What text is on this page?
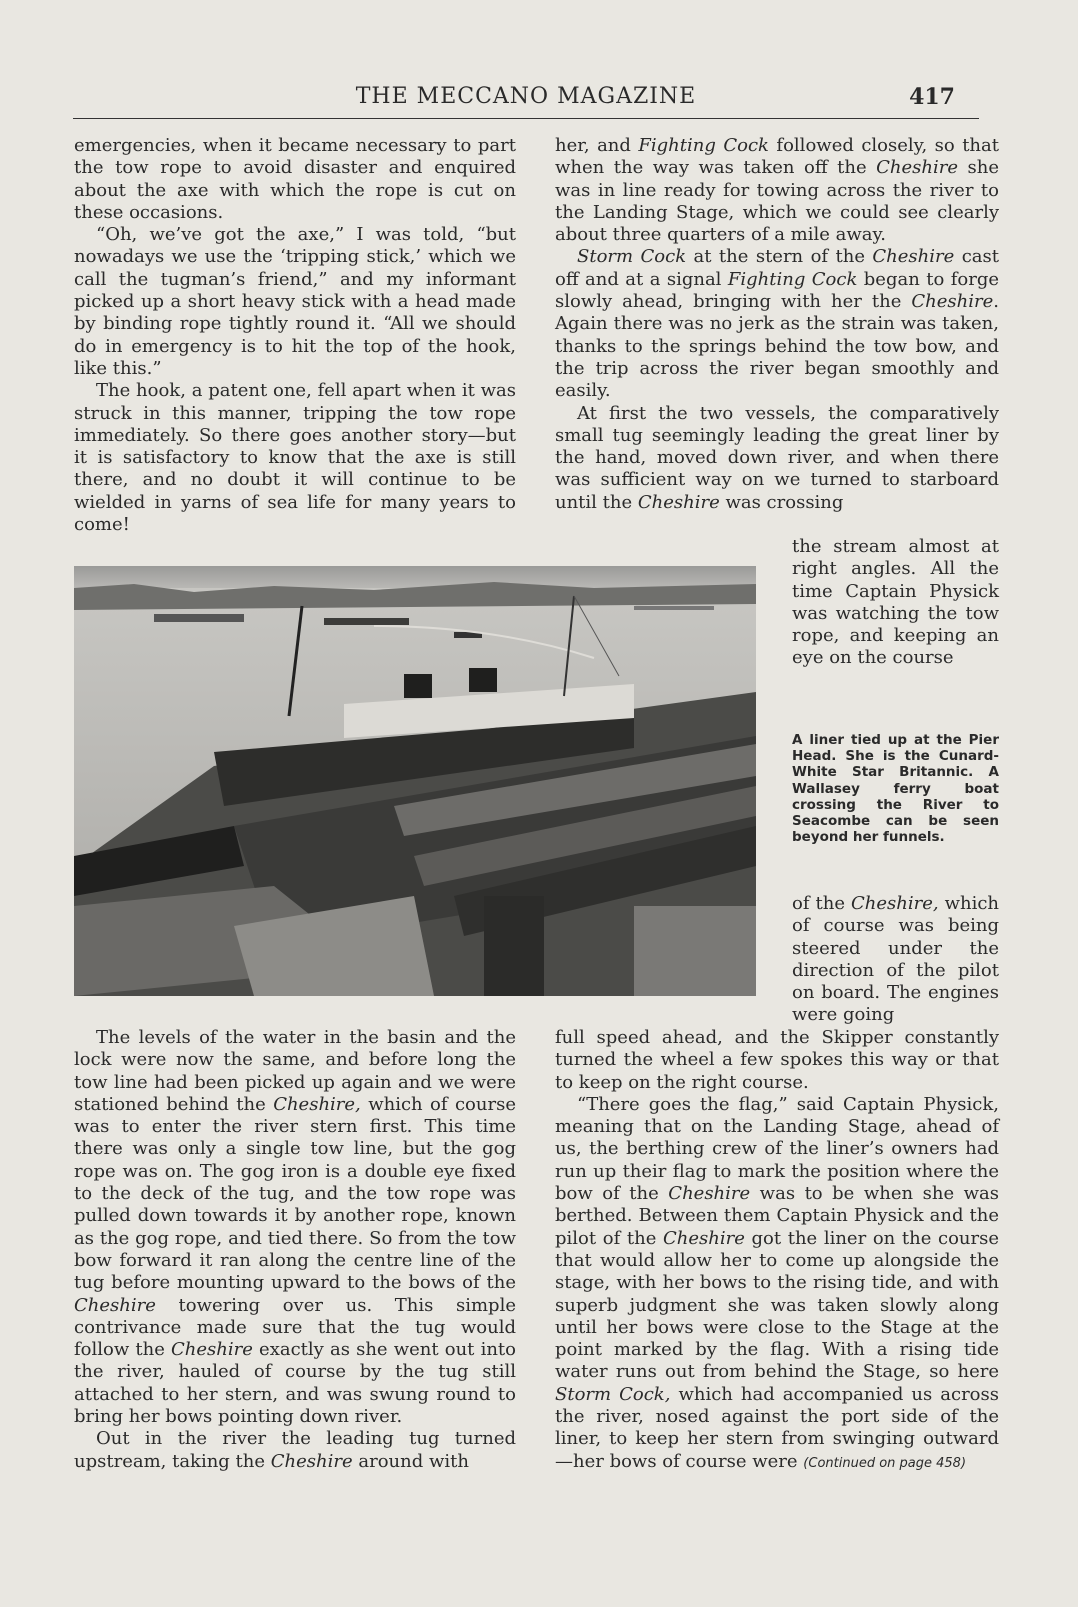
THE MECCANO MAGAZINE	417

emergencies, when it became necessary to part the tow rope to avoid disaster and enquired about the axe with which the rope is cut on these occasions.

“Oh, we’ve got the axe,” I was told, “but nowadays we use the ‘tripping stick,’ which we call the tugman’s friend,” and my informant picked up a short heavy stick with a head made by binding rope tightly round it. “All we should do in emergency is to hit the top of the hook, like this.”

The hook, a patent one, fell apart when it was struck in this manner, tripping the tow rope immediately. So there goes another story—but it is satisfactory to know that the axe is still there, and no doubt it will continue to be wielded in yarns of sea life for many years to come!

her, and Fighting Cock followed closely, so that when the way was taken off the Cheshire she was in line ready for towing across the river to the Landing Stage, which we could see clearly about three quarters of a mile away.

Storm Cock at the stern of the Cheshire cast off and at a signal Fighting Cock began to forge slowly ahead, bringing with her the Cheshire. Again there was no jerk as the strain was taken, thanks to the springs behind the tow bow, and the trip across the river began smoothly and easily.

At first the two vessels, the comparatively small tug seemingly leading the great liner by the hand, moved down river, and when there was sufficient way on we turned to starboard until the Cheshire was crossing

the stream almost at right angles. All the time Captain Physick was watching the tow rope, and keeping an eye on the course

A liner tied up at the Pier Head. She is the Cunard-White Star Britannic. A Wallasey ferry boat crossing the River to Seacombe can be seen beyond her funnels.

of the Cheshire, which of course was being steered under the direction of the pilot on board. The engines were going

The levels of the water in the basin and the lock were now the same, and before long the tow line had been picked up again and we were stationed behind the Cheshire, which of course was to enter the river stern first. This time there was only a single tow line, but the gog rope was on. The gog iron is a double eye fixed to the deck of the tug, and the tow rope was pulled down towards it by another rope, known as the gog rope, and tied there. So from the tow bow forward it ran along the centre line of the tug before mounting upward to the bows of the Cheshire towering over us. This simple contrivance made sure that the tug would follow the Cheshire exactly as she went out into the river, hauled of course by the tug still attached to her stern, and was swung round to bring her bows pointing down river.

Out in the river the leading tug turned upstream, taking the Cheshire around with

full speed ahead, and the Skipper constantly turned the wheel a few spokes this way or that to keep on the right course.

“There goes the flag,” said Captain Physick, meaning that on the Landing Stage, ahead of us, the berthing crew of the liner’s owners had run up their flag to mark the position where the bow of the Cheshire was to be when she was berthed. Between them Captain Physick and the pilot of the Cheshire got the liner on the course that would allow her to come up alongside the stage, with her bows to the rising tide, and with superb judgment she was taken slowly along until her bows were close to the Stage at the point marked by the flag. With a rising tide water runs out from behind the Stage, so here Storm Cock, which had accompanied us across the river, nosed against the port side of the liner, to keep her stern from swinging outward—her bows of course were (Continued on page 458)
